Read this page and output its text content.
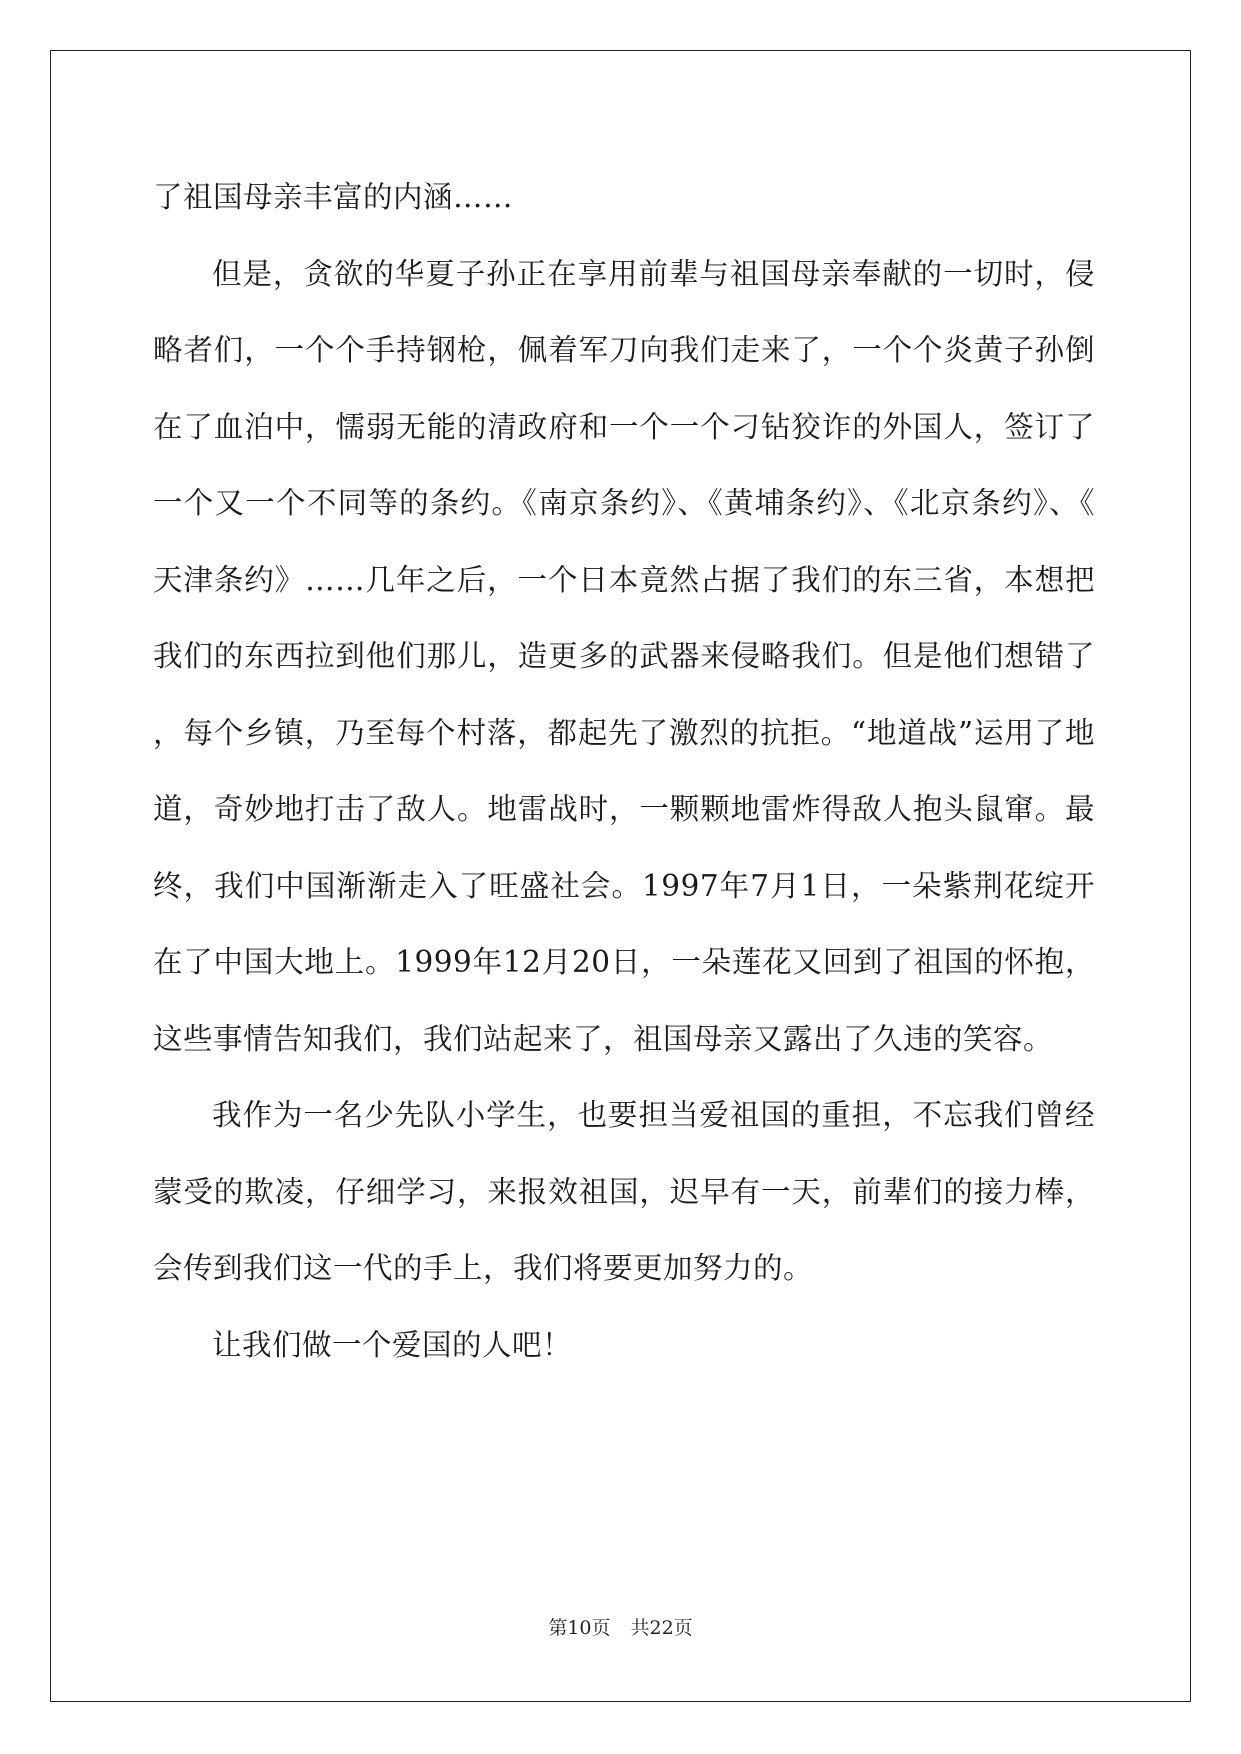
了祖国母亲丰富的内涵……

但是，贪欲的华夏子孙正在享用前辈与祖国母亲奉献的一切时，侵略者们，一个个手持钢枪，佩着军刀向我们走来了，一个个炎黄子孙倒在了血泊中，懦弱无能的清政府和一个一个刁钻狡诈的外国人，签订了一个又一个不同等的条约。《南京条约》、《黄埔条约》、《北京条约》、《天津条约》……几年之后，一个日本竟然占据了我们的东三省，本想把我们的东西拉到他们那儿，造更多的武器来侵略我们。但是他们想错了，每个乡镇，乃至每个村落，都起先了激烈的抗拒。“地道战”运用了地道，奇妙地打击了敌人。地雷战时，一颗颗地雷炸得敌人抱头鼠窜。最终，我们中国渐渐走入了旺盛社会。1997年7月1日，一朵紫荆花绽开在了中国大地上。1999年12月20日，一朵莲花又回到了祖国的怀抱，这些事情告知我们，我们站起来了，祖国母亲又露出了久违的笑容。

我作为一名少先队小学生，也要担当爱祖国的重担，不忘我们曾经蒙受的欺凌，仔细学习，来报效祖国，迟早有一天，前辈们的接力棒，会传到我们这一代的手上，我们将要更加努力的。

让我们做一个爱国的人吧！

第10页 共22页
